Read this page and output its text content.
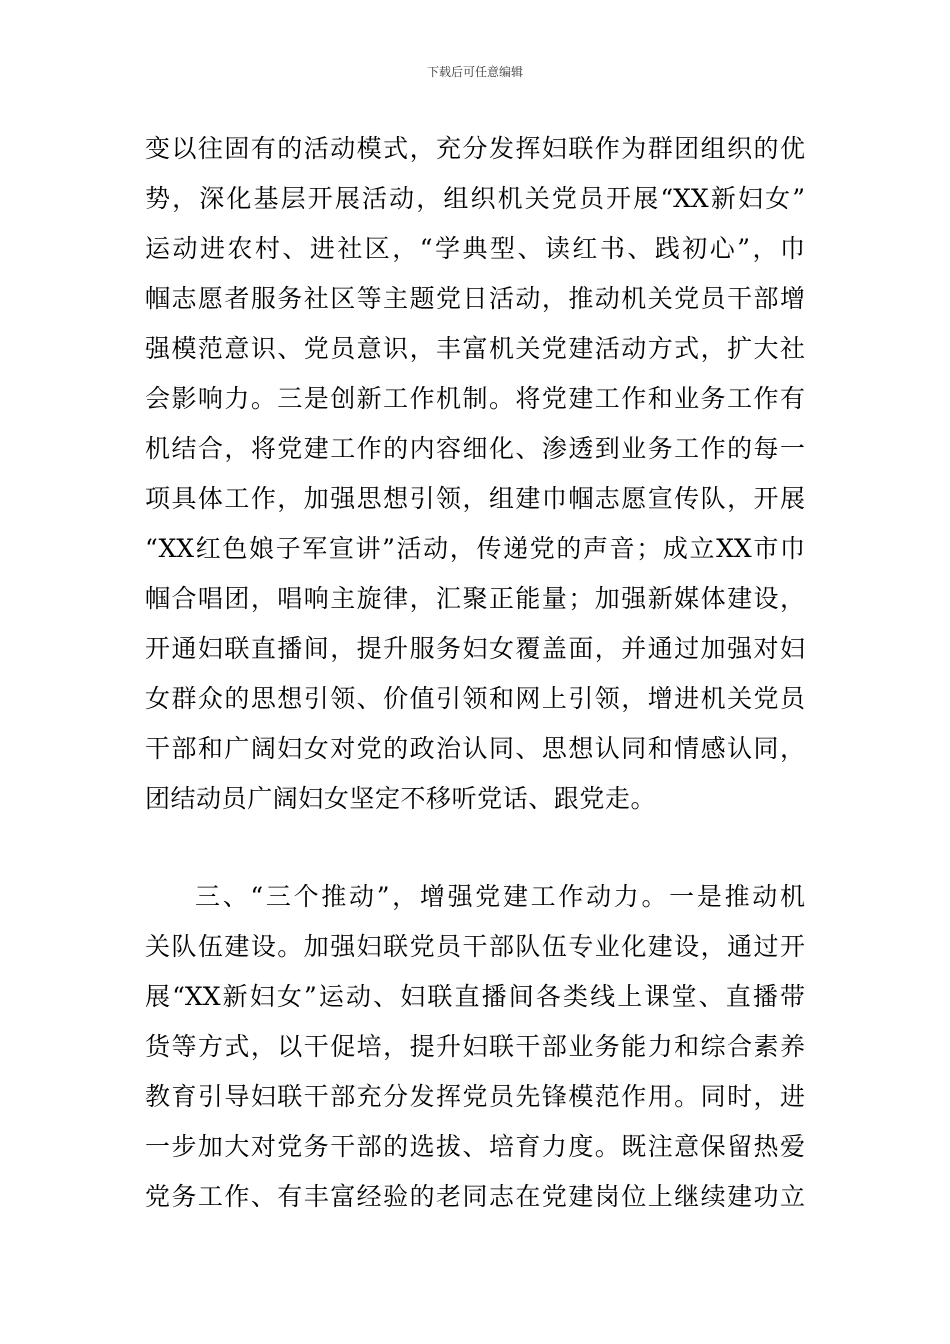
下载后可任意编辑
变以往固有的活动模式，充分发挥妇联作为群团组织的优
势，深化基层开展活动，组织机关党员开展“XX新妇女”
运动进农村、进社区，“学典型、读红书、践初心”，巾
帼志愿者服务社区等主题党日活动，推动机关党员干部增
强模范意识、党员意识，丰富机关党建活动方式，扩大社
会影响力。三是创新工作机制。将党建工作和业务工作有
机结合，将党建工作的内容细化、渗透到业务工作的每一
项具体工作，加强思想引领，组建巾帼志愿宣传队，开展
“XX红色娘子军宣讲”活动，传递党的声音；成立XX市巾
帼合唱团，唱响主旋律，汇聚正能量；加强新媒体建设，
开通妇联直播间，提升服务妇女覆盖面，并通过加强对妇
女群众的思想引领、价值引领和网上引领，增进机关党员
干部和广阔妇女对党的政治认同、思想认同和情感认同，
团结动员广阔妇女坚定不移听党话、跟党走。
三、“三个推动”，增强党建工作动力。一是推动机
关队伍建设。加强妇联党员干部队伍专业化建设，通过开
展“XX新妇女”运动、妇联直播间各类线上课堂、直播带
货等方式，以干促培，提升妇联干部业务能力和综合素养
教育引导妇联干部充分发挥党员先锋模范作用。同时，进
一步加大对党务干部的选拔、培育力度。既注意保留热爱
党务工作、有丰富经验的老同志在党建岗位上继续建功立
